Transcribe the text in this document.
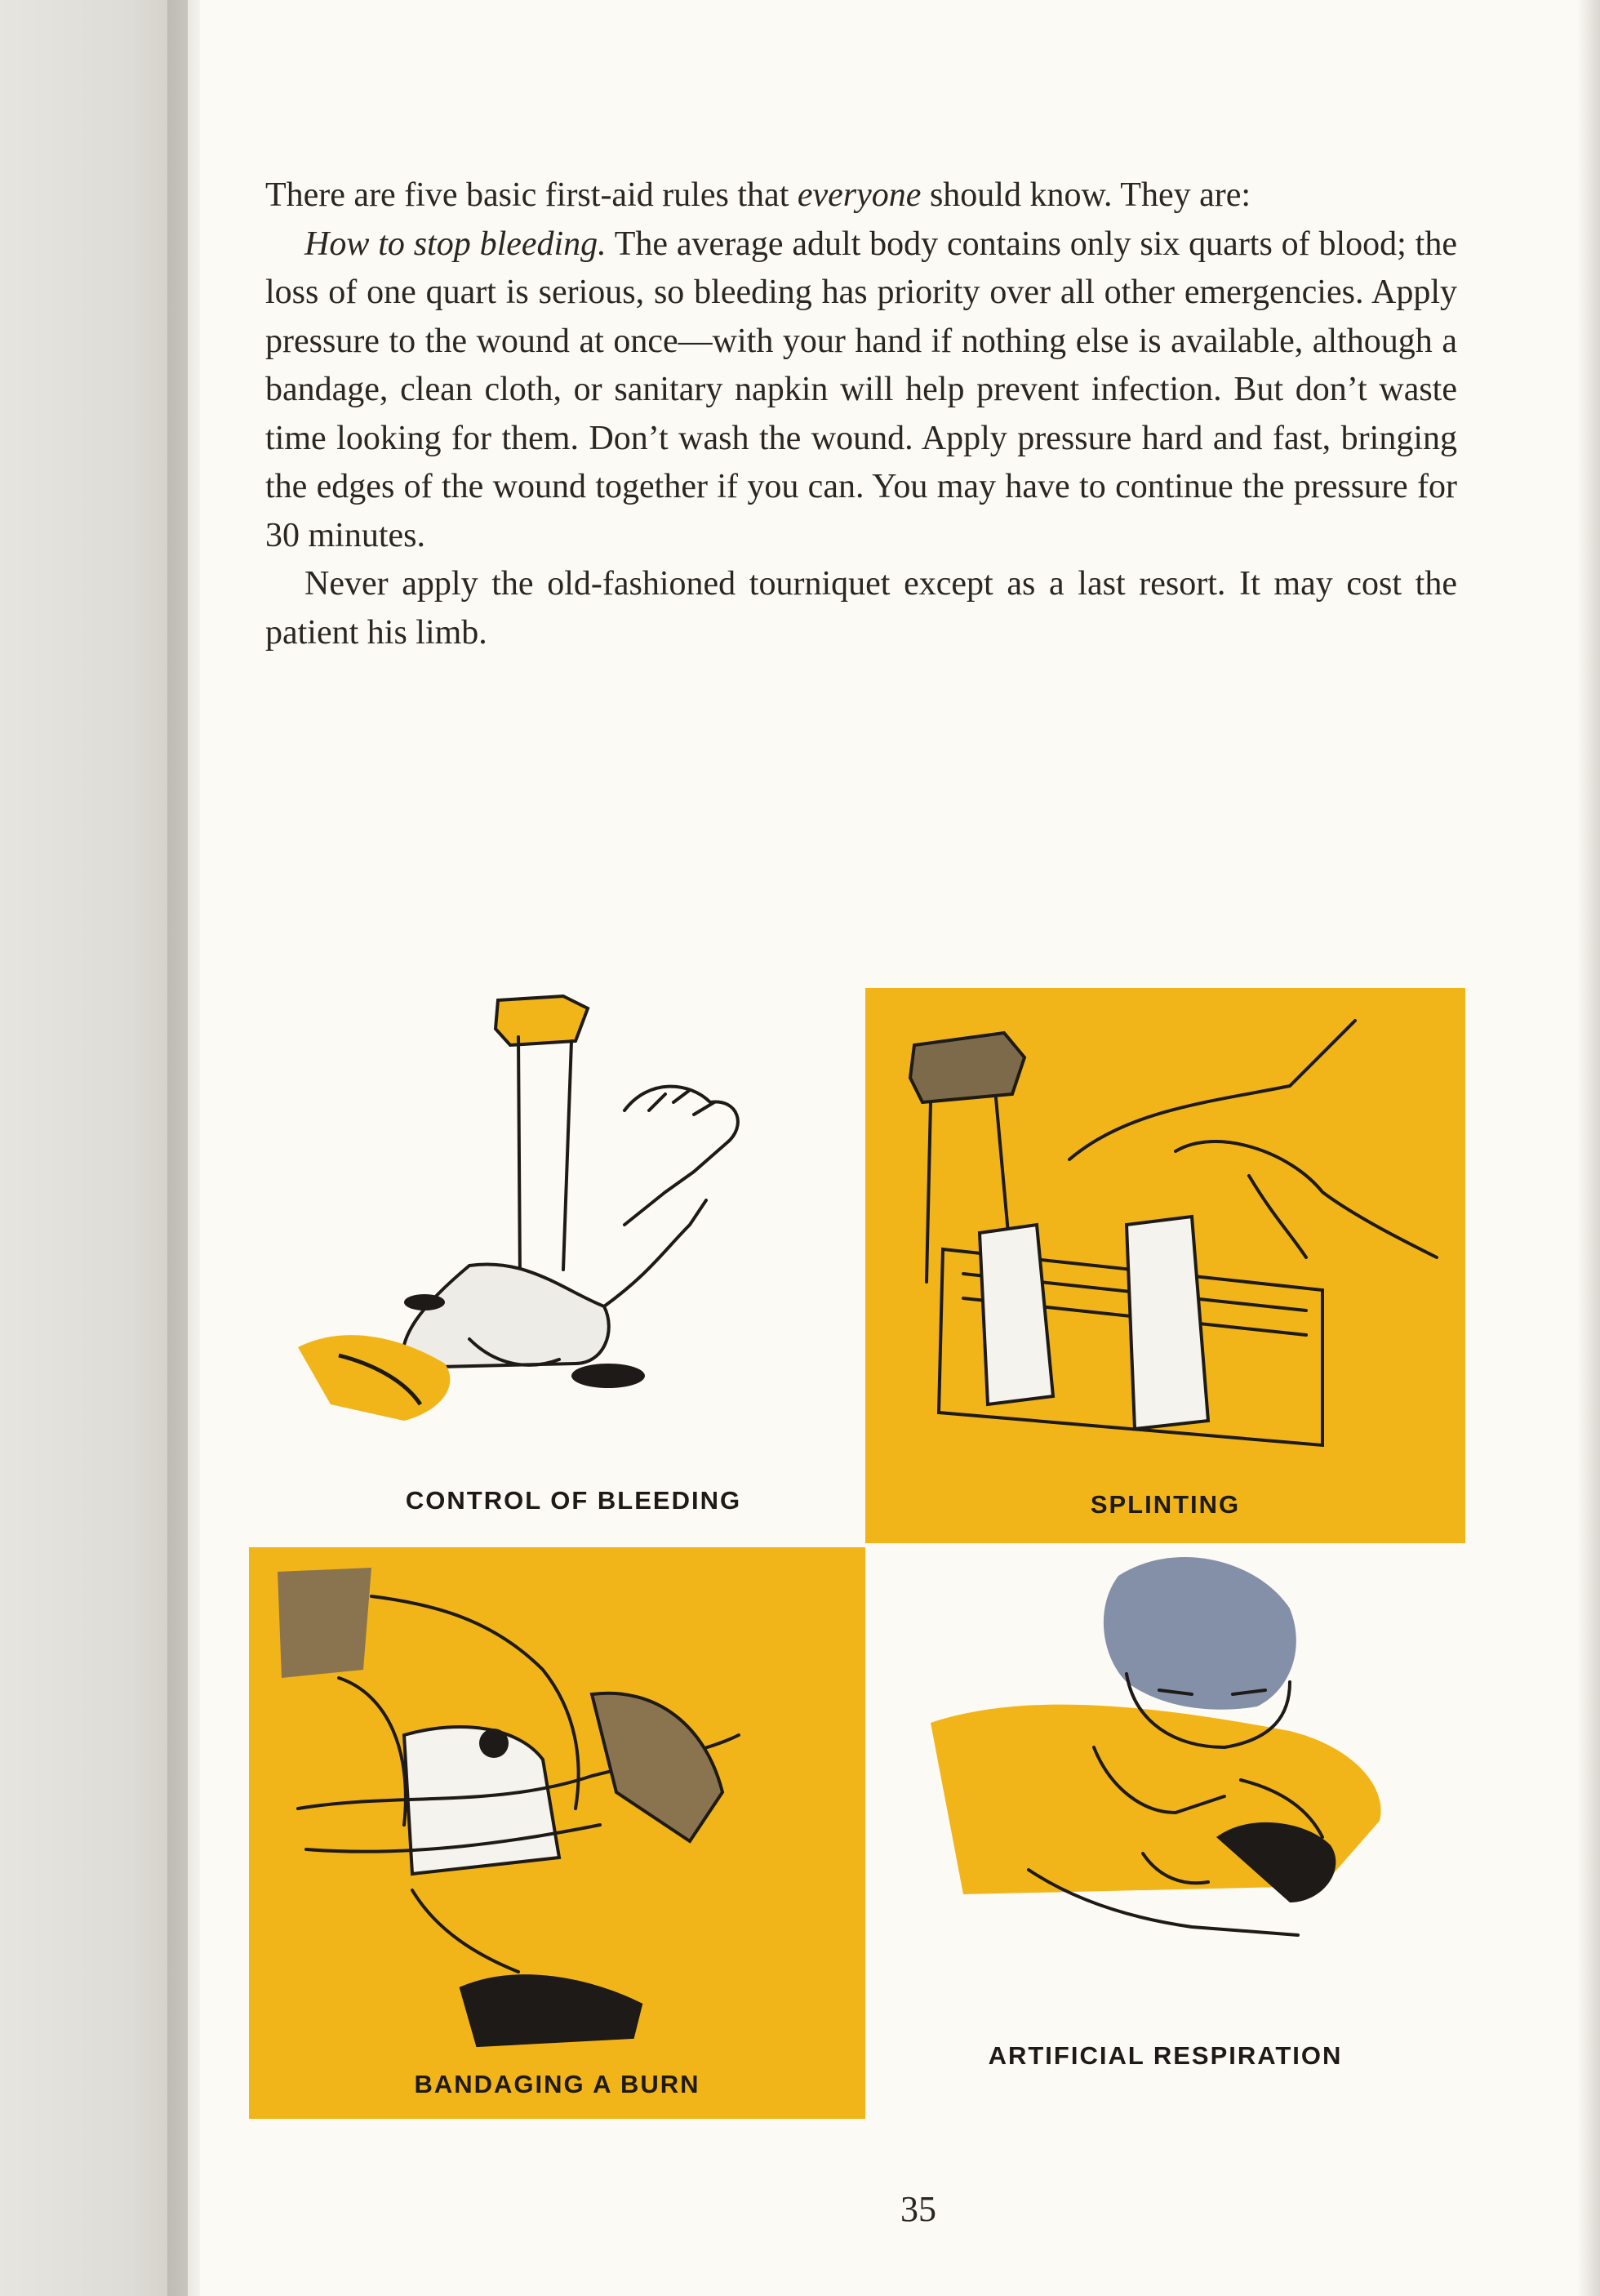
There are five basic first-aid rules that everyone should know. They are:

How to stop bleeding. The average adult body contains only six quarts of blood; the loss of one quart is serious, so bleeding has priority over all other emergencies. Apply pressure to the wound at once—with your hand if nothing else is available, although a bandage, clean cloth, or sanitary napkin will help prevent infection. But don’t waste time looking for them. Don’t wash the wound. Apply pressure hard and fast, bringing the edges of the wound together if you can. You may have to continue the pressure for 30 minutes.

Never apply the old-fashioned tourniquet except as a last resort. It may cost the patient his limb.

CONTROL OF BLEEDING	SPLINTING
BANDAGING A BURN
ARTIFICIAL RESPIRATION
35
